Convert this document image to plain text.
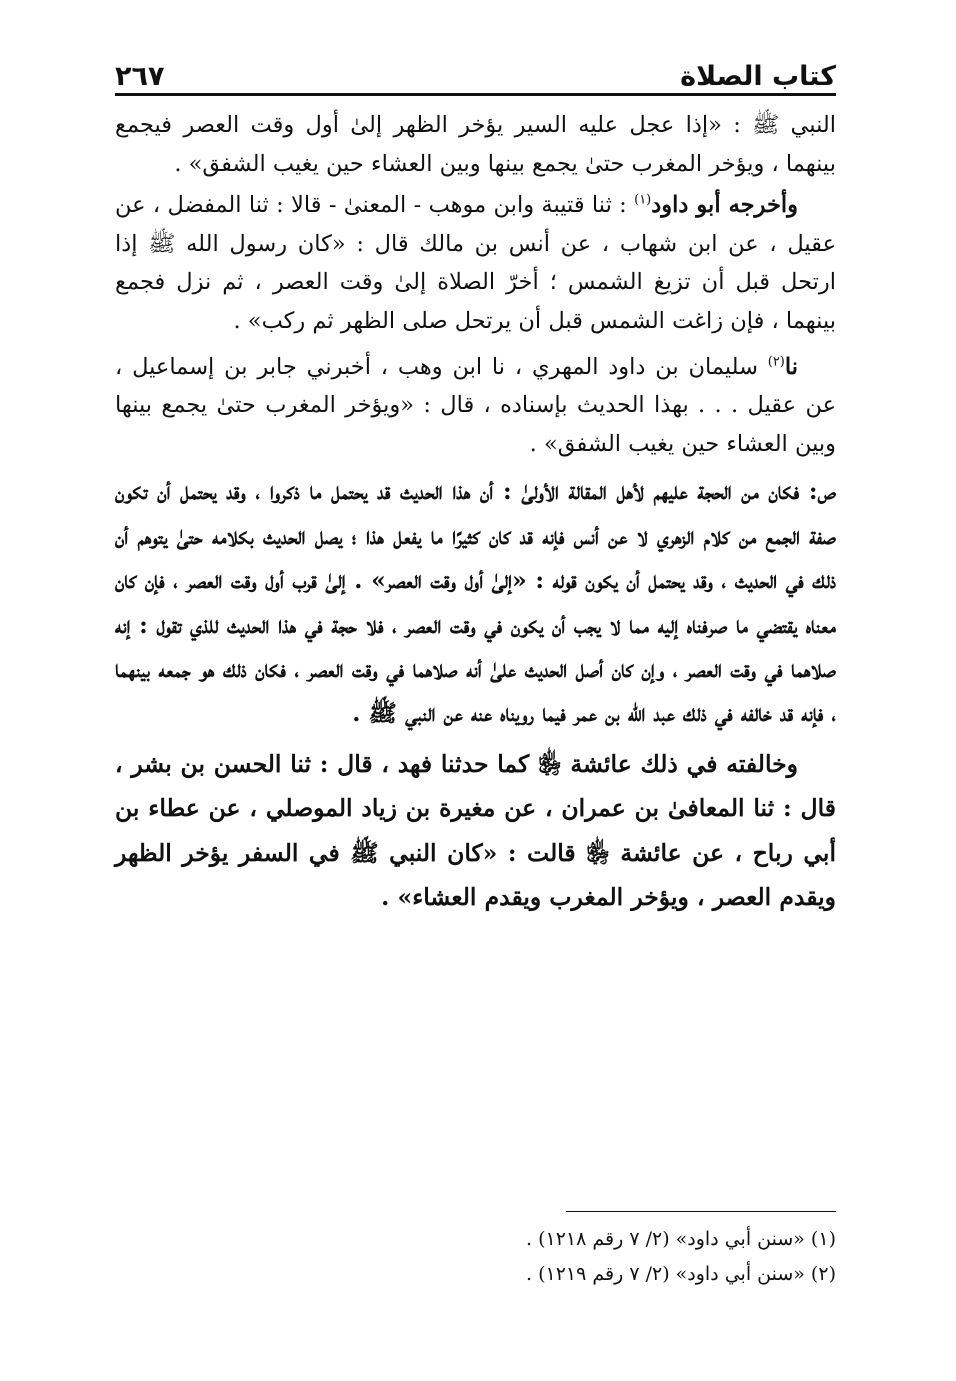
كتاب الصلاة
٢٦٧

النبي ﷺ : «إذا عجل عليه السير يؤخر الظهر إلىٰ أول وقت العصر فيجمع بينهما ، ويؤخر المغرب حتىٰ يجمع بينها وبين العشاء حين يغيب الشفق» .

وأخرجه أبو داود$^{(١)}$ : ثنا قتيبة وابن موهب - المعنىٰ - قالا : ثنا المفضل ، عن عقيل ، عن ابن شهاب ، عن أنس بن مالك قال : «كان رسول الله ﷺ إذا ارتحل قبل أن تزيغ الشمس ؛ أخرّ الصلاة إلىٰ وقت العصر ، ثم نزل فجمع بينهما ، فإن زاغت الشمس قبل أن يرتحل صلى الظهر ثم ركب» .

نا$^{(٢)}$ سليمان بن داود المهري ، نا ابن وهب ، أخبرني جابر بن إسماعيل ، عن عقيل . . . بهذا الحديث بإسناده ، قال : «ويؤخر المغرب حتىٰ يجمع بينها وبين العشاء حين يغيب الشفق» .

ص: فكان من الحجة عليهم لأهل المقالة الأولىٰ : أن هذا الحديث قد يحتمل ما ذكروا ، وقد يحتمل أن تكون صفة الجمع من كلام الزهري لا عن أنس فإنه قد كان كثيرًا ما يفعل هذا ؛ يصل الحديث بكلامه حتىٰ يتوهم أن ذلك في الحديث ، وقد يحتمل أن يكون قوله : «إلىٰ أول وقت العصر» . إلىٰ قرب أول وقت العصر ، فإن كان معناه يقتضي ما صرفناه إليه مما لا يجب أن يكون في وقت العصر ، فلا حجة في هذا الحديث للذي تقول : إنه صلاهما في وقت العصر ، وإن كان أصل الحديث علىٰ أنه صلاهما في وقت العصر ، فكان ذلك هو جمعه بينهما ، فإنه قد خالفه في ذلك عبد الله بن عمر فيما رويناه عنه عن النبي ﷺ .

وخالفته في ذلك عائشة ﵂ كما حدثنا فهد ، قال : ثنا الحسن بن بشر ، قال : ثنا المعافىٰ بن عمران ، عن مغيرة بن زياد الموصلي ، عن عطاء بن أبي رباح ، عن عائشة ﵂ قالت : «كان النبي ﷺ في السفر يؤخر الظهر ويقدم العصر ، ويؤخر المغرب ويقدم العشاء» .

(١) «سنن أبي داود» (٢/ ٧ رقم ١٢١٨) .

(٢) «سنن أبي داود» (٢/ ٧ رقم ١٢١٩) .
